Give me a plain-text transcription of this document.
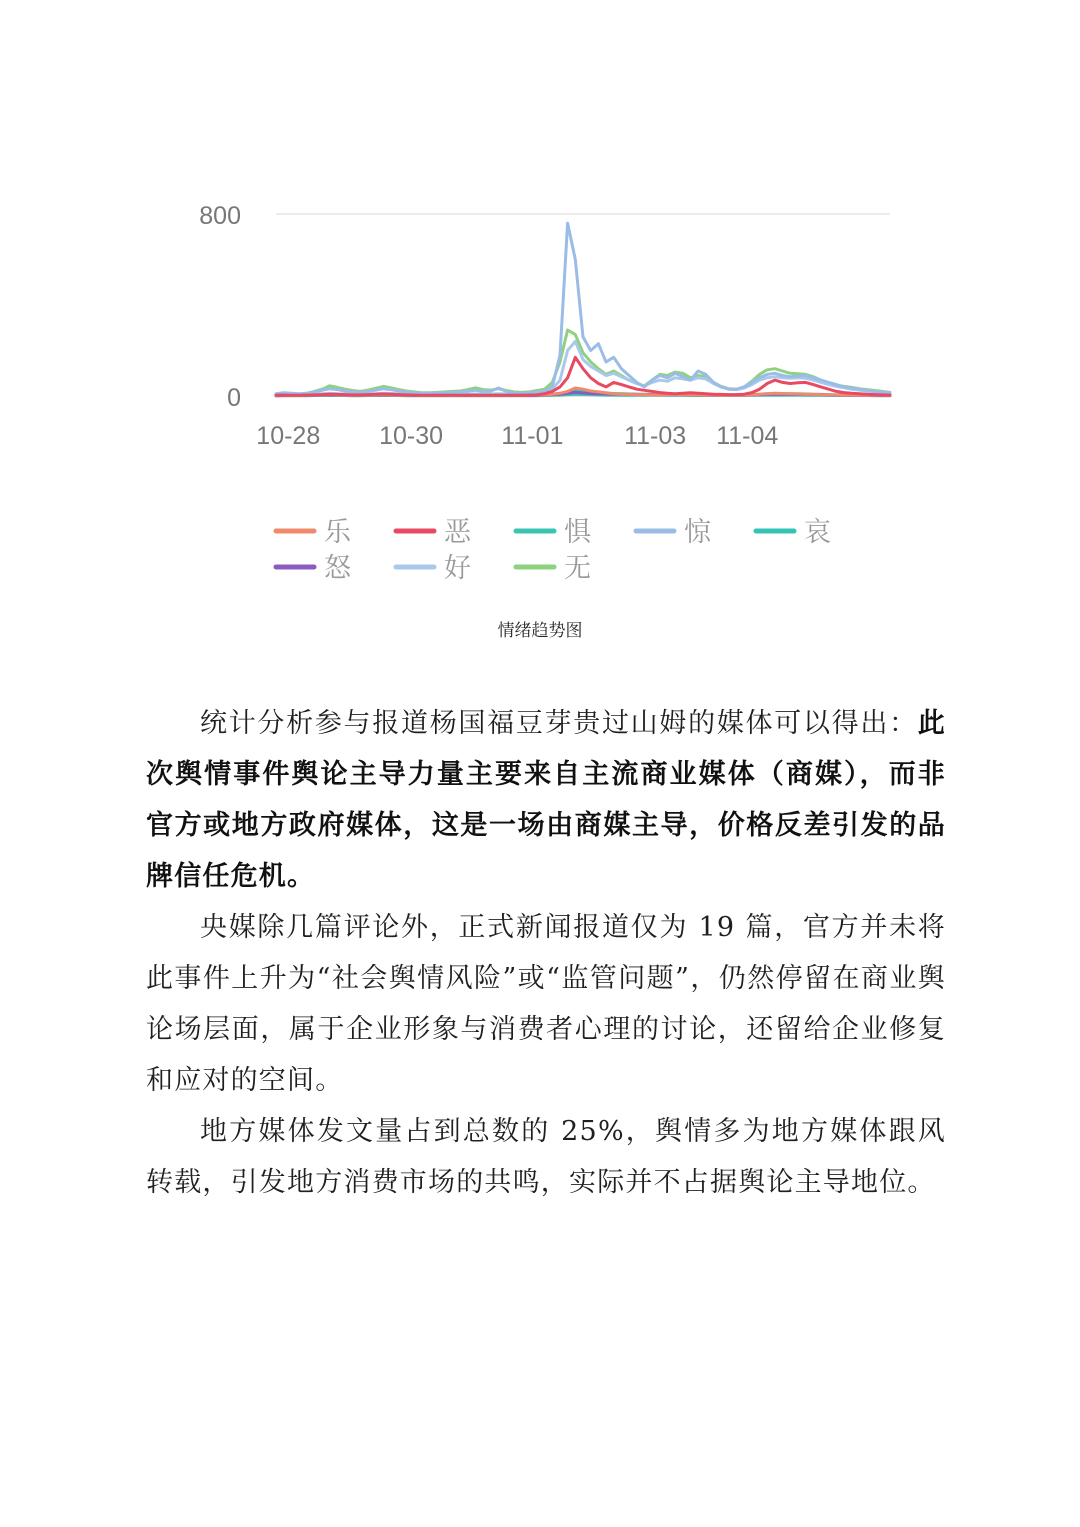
800
0
10-28 10-30 11-01 11-03 11-04
乐	恶	惧	惊	哀
怒	好	无
情绪趋势图

统计分析参与报道杨国福豆芽贵过山姆的媒体可以得出：此次舆情事件舆论主导力量主要来自主流商业媒体（商媒），而非官方或地方政府媒体，这是一场由商媒主导，价格反差引发的品牌信任危机。

央媒除几篇评论外，正式新闻报道仅为 19 篇，官方并未将此事件上升为“社会舆情风险”或“监管问题”，仍然停留在商业舆论场层面，属于企业形象与消费者心理的讨论，还留给企业修复和应对的空间。

地方媒体发文量占到总数的 25%，舆情多为地方媒体跟风转载，引发地方消费市场的共鸣，实际并不占据舆论主导地位。
